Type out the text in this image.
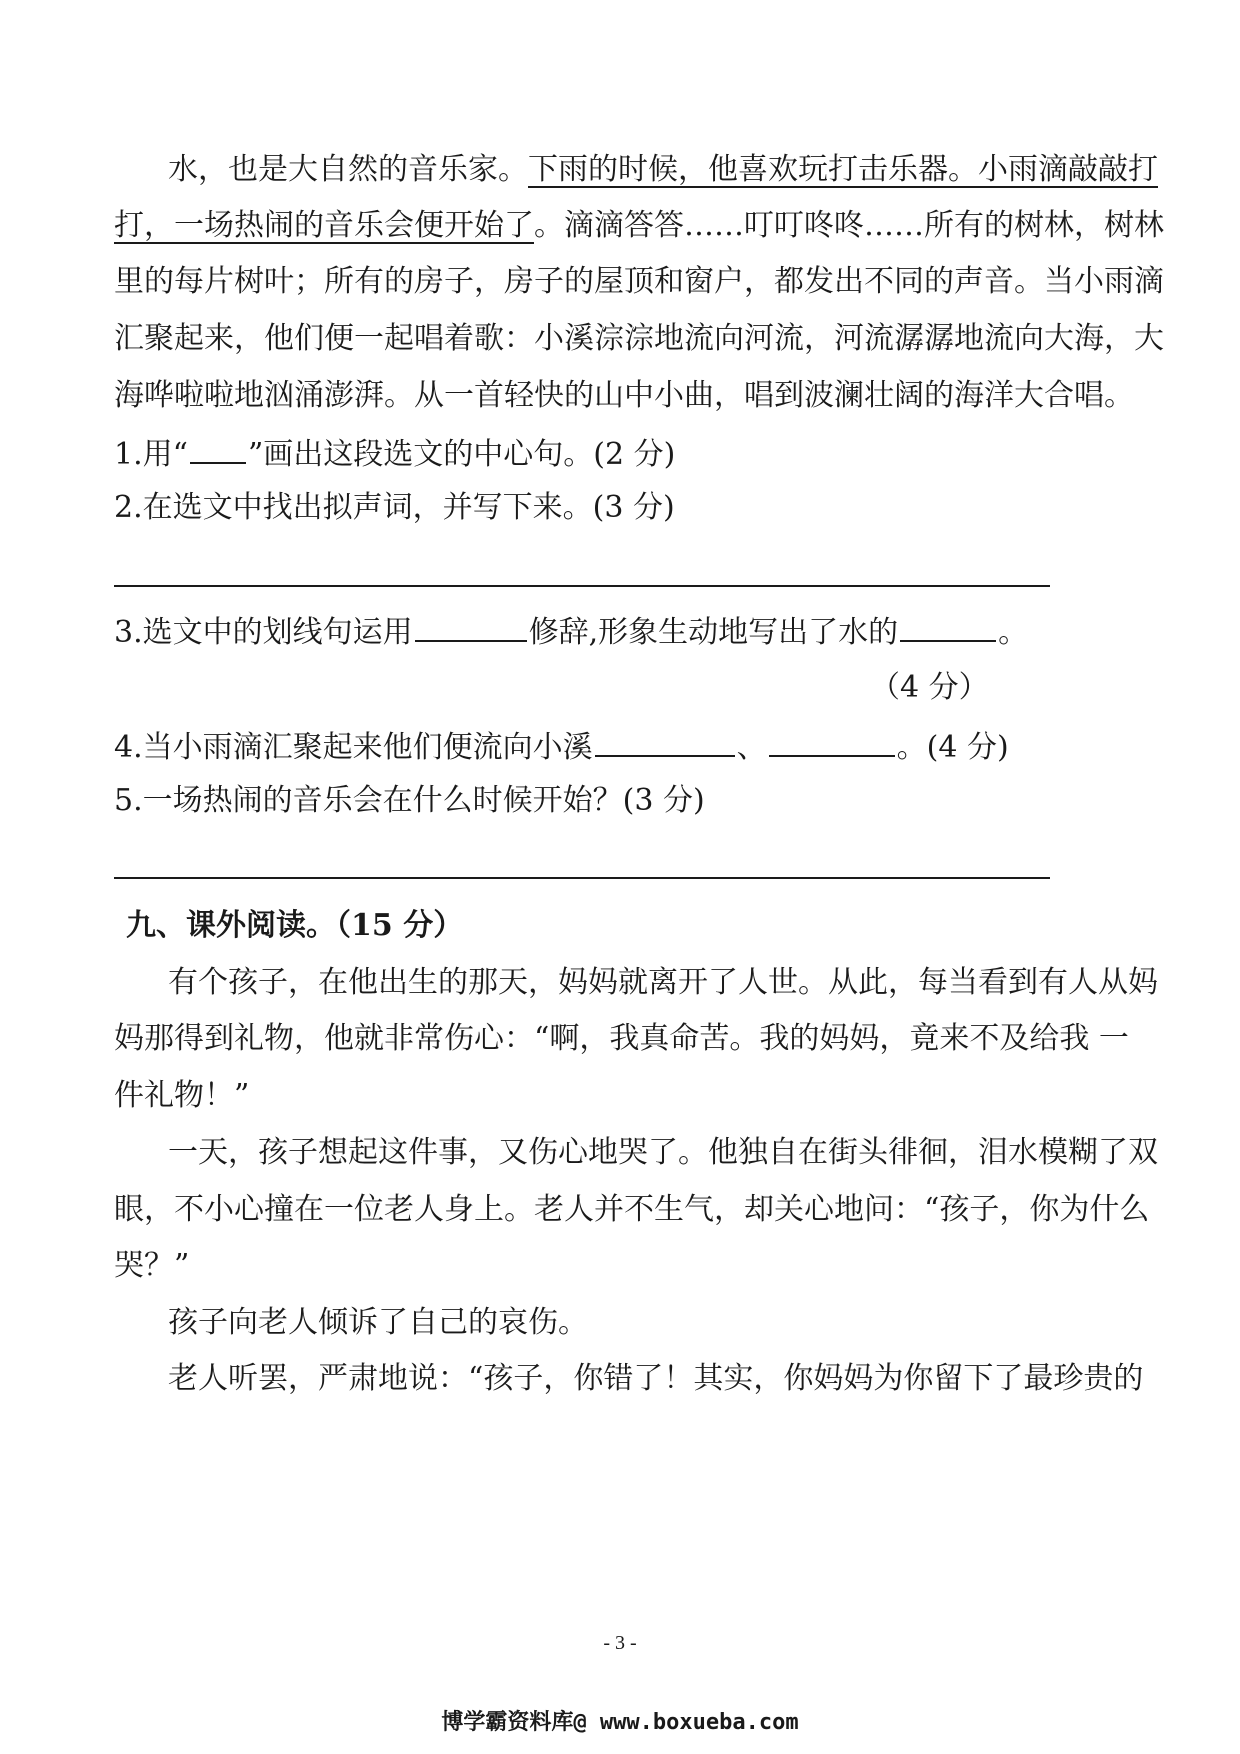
水，也是大自然的音乐家。下雨的时候，他喜欢玩打击乐器。小雨滴敲敲打
打，一场热闹的音乐会便开始了。滴滴答答……叮叮咚咚……所有的树林，树林
里的每片树叶；所有的房子，房子的屋顶和窗户，都发出不同的声音。当小雨滴
汇聚起来，他们便一起唱着歌：小溪淙淙地流向河流，河流潺潺地流向大海，大
海哗啦啦地汹涌澎湃。从一首轻快的山中小曲，唱到波澜壮阔的海洋大合唱。
1.用“ ”画出这段选文的中心句。(2 分)
2.在选文中找出拟声词，并写下来。(3 分)
3.选文中的划线句运用	修辞,形象生动地写出了水的	。
（4 分）
4.当小雨滴汇聚起来他们便流向小溪	、	。(4 分)
5.一场热闹的音乐会在什么时候开始？(3 分)
九、课外阅读。（15 分）
有个孩子，在他出生的那天，妈妈就离开了人世。从此，每当看到有人从妈
妈那得到礼物，他就非常伤心：“啊，我真命苦。我的妈妈，竟来不及给我 一
件礼物！”
一天，孩子想起这件事，又伤心地哭了。他独自在街头徘徊，泪水模糊了双
眼，不小心撞在一位老人身上。老人并不生气，却关心地问：“孩子，你为什么
哭？”
孩子向老人倾诉了自己的哀伤。
老人听罢，严肃地说：“孩子，你错了！其实，你妈妈为你留下了最珍贵的
- 3 -
博学霸资料库@ www.boxueba.com
